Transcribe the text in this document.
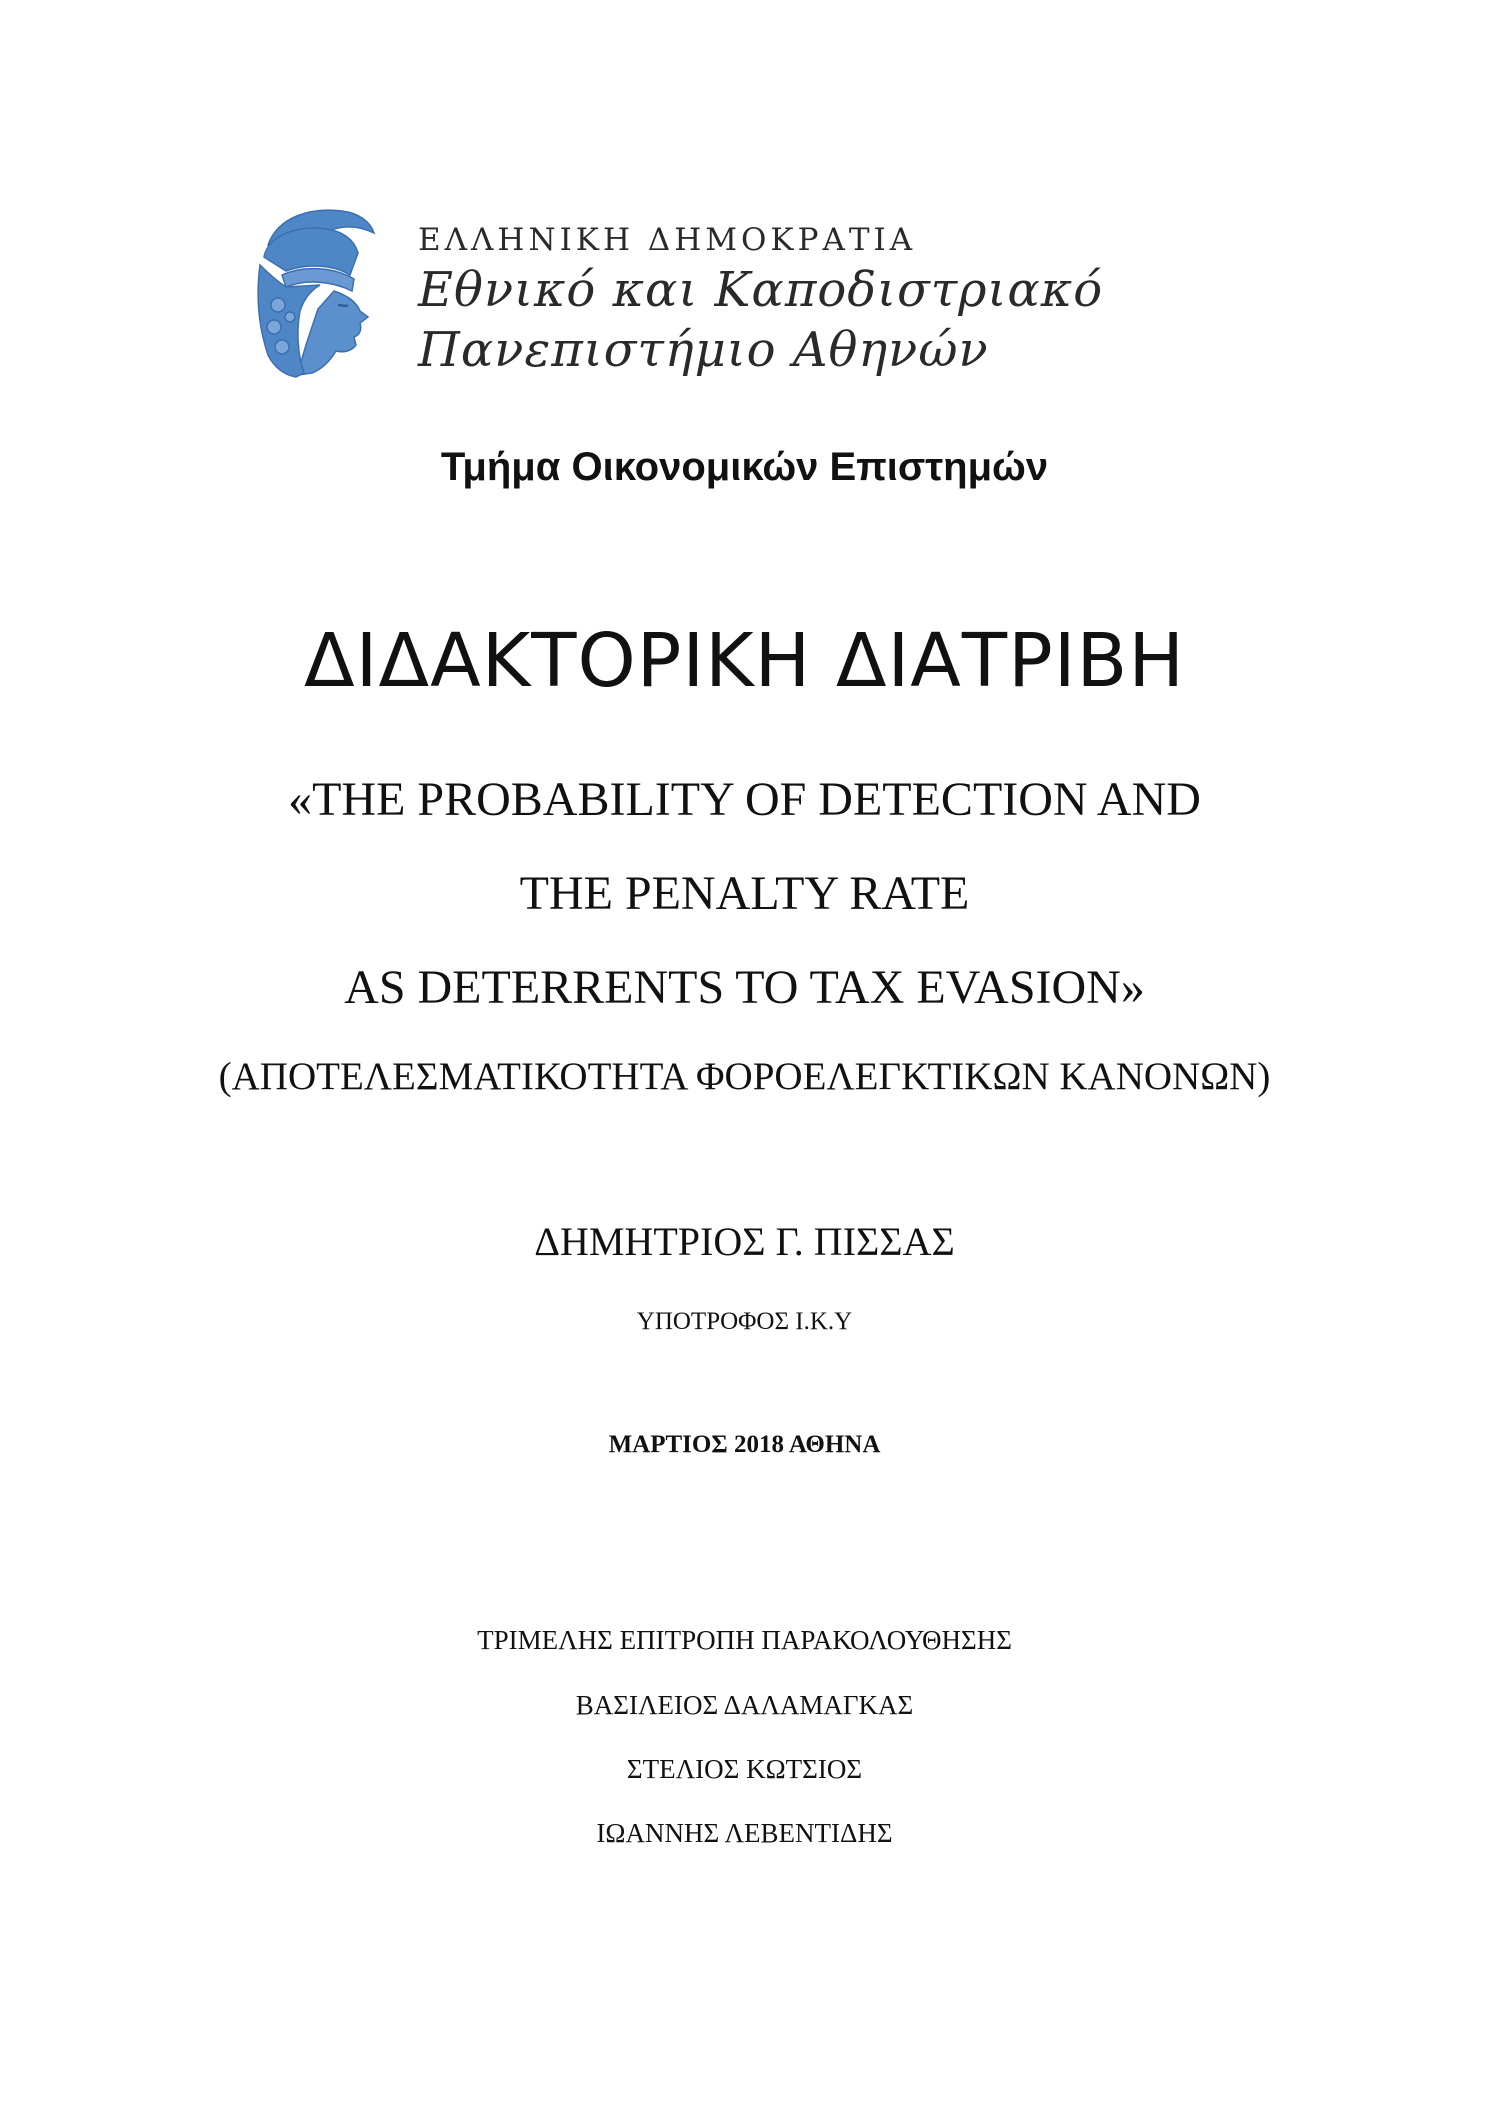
ΕΛΛΗΝΙΚΗ ΔΗΜΟΚΡΑΤΙΑ
Εθνικό και Καποδιστριακό
Πανεπιστήμιο Αθηνών
Τμήμα Οικονομικών Επιστημών
ΔΙΔΑΚΤΟΡΙΚΗ ΔΙΑΤΡΙΒΗ
«THE PROBABILITY OF DETECTION AND
THE PENALTY RATE
AS DETERRENTS TO TAX EVASION»
(ΑΠΟΤΕΛΕΣΜΑΤΙΚΟΤΗΤΑ ΦΟΡΟΕΛΕΓΚΤΙΚΩΝ ΚΑΝΟΝΩΝ)
ΔΗΜΗΤΡΙΟΣ Γ. ΠΙΣΣΑΣ
ΥΠΟΤΡΟΦΟΣ Ι.Κ.Υ
ΜΑΡΤΙΟΣ 2018 ΑΘΗΝΑ
ΤΡΙΜΕΛΗΣ ΕΠΙΤΡΟΠΗ ΠΑΡΑΚΟΛΟΥΘΗΣΗΣ
ΒΑΣΙΛΕΙΟΣ ΔΑΛΑΜΑΓΚΑΣ
ΣΤΕΛΙΟΣ ΚΩΤΣΙΟΣ
ΙΩΑΝΝΗΣ ΛΕΒΕΝΤΙΔΗΣ
